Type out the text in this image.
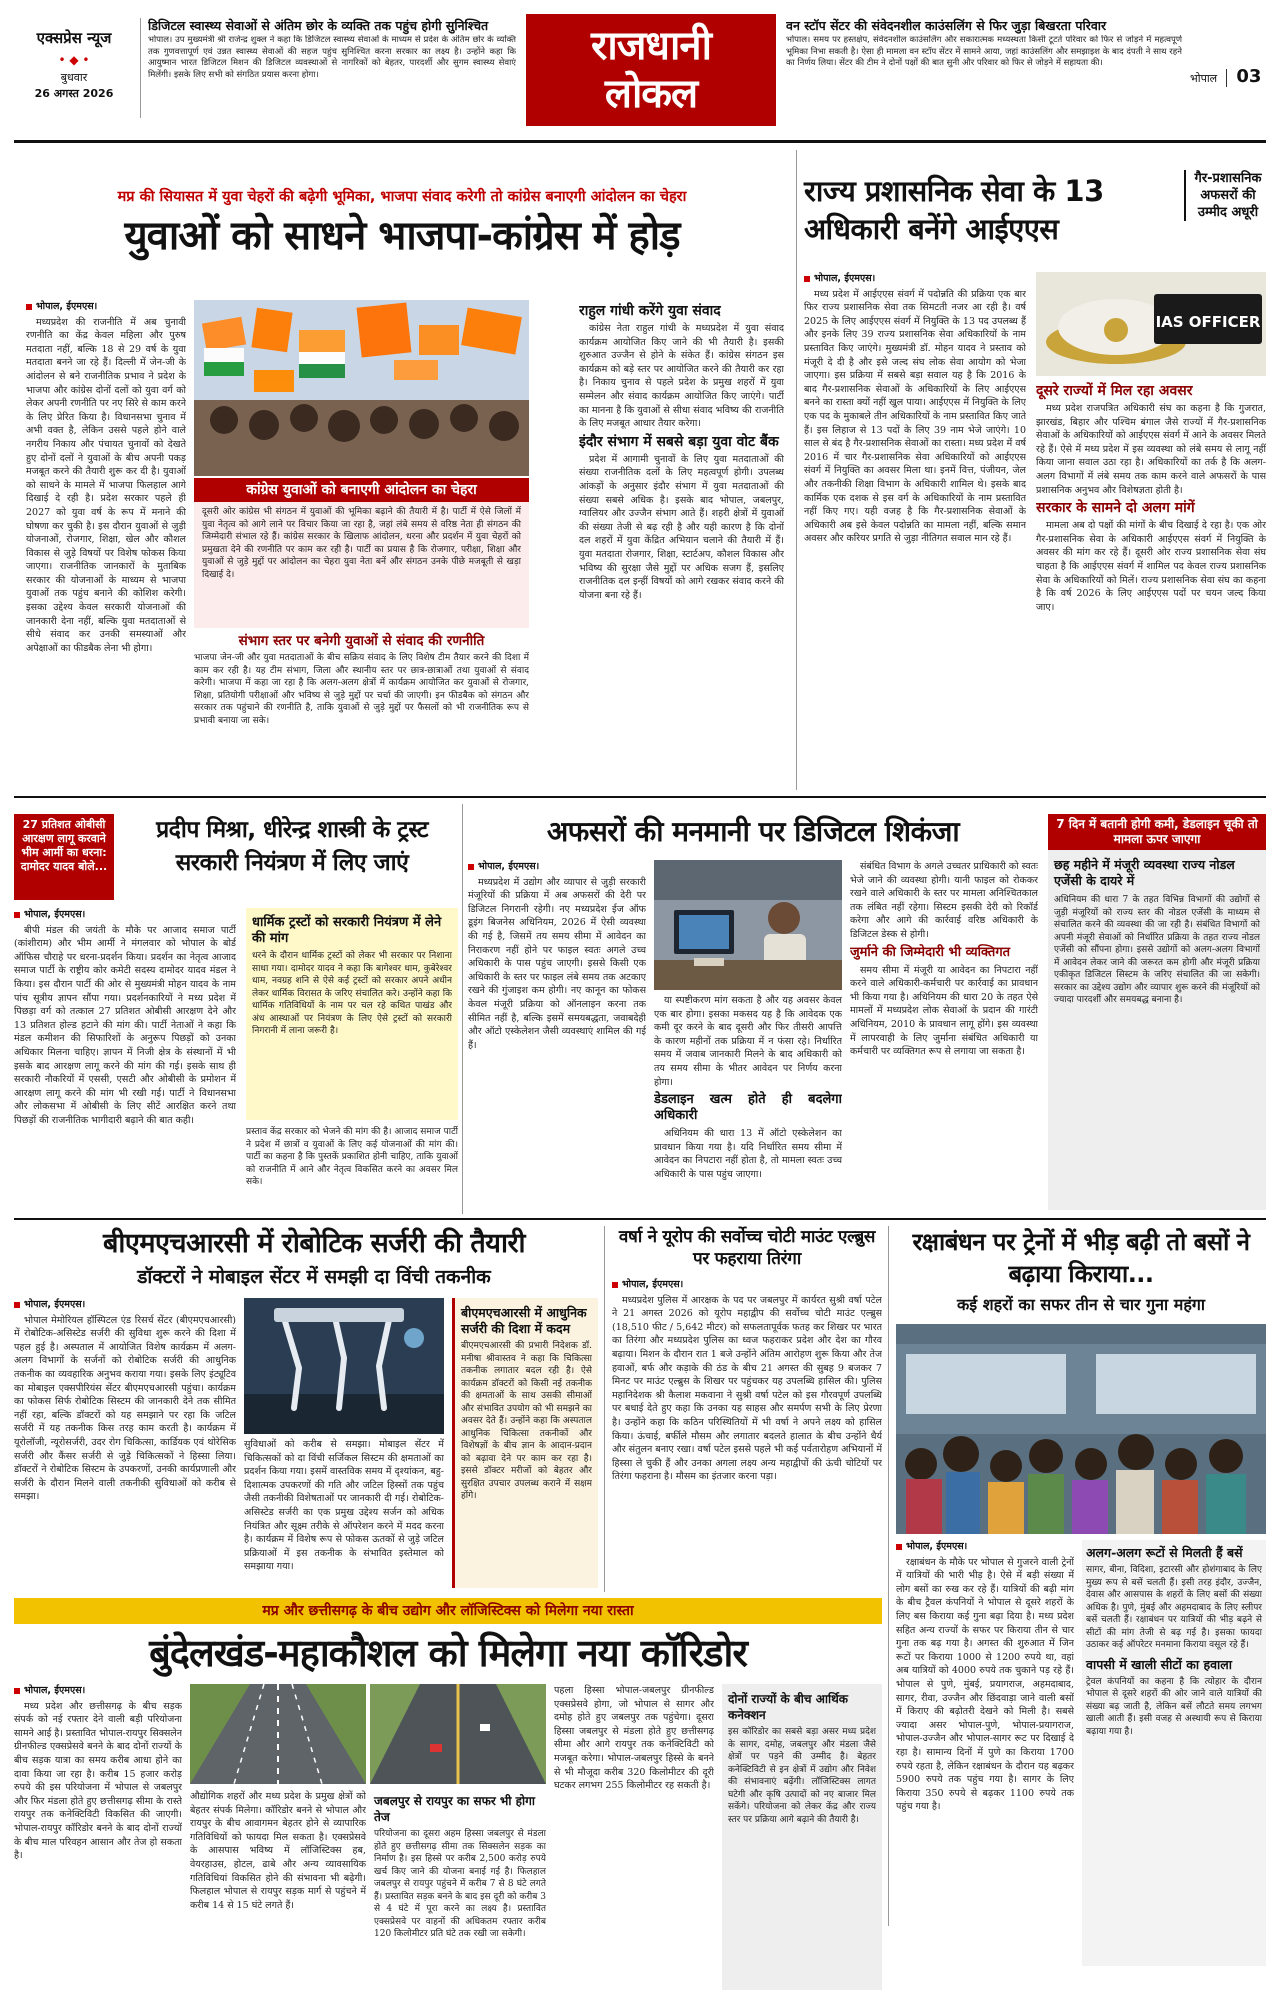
एक्सप्रेस न्यूज
• ◆ •
बुधवार
26 अगस्त 2026
डिजिटल स्वास्थ्य सेवाओं से अंतिम छोर के व्यक्ति तक पहुंच होगी सुनिश्चित
भोपाल। उप मुख्यमंत्री श्री राजेन्द्र शुक्ल ने कहा कि डिजिटल स्वास्थ्य सेवाओं के माध्यम से प्रदेश के अंतिम छोर के व्यक्ति तक गुणवत्तापूर्ण एवं उन्नत स्वास्थ्य सेवाओं की सहज पहुंच सुनिश्चित करना सरकार का लक्ष्य है। उन्होंने कहा कि आयुष्मान भारत डिजिटल मिशन की डिजिटल व्यवस्थाओं से नागरिकों को बेहतर, पारदर्शी और सुगम स्वास्थ्य सेवाएं मिलेंगी। इसके लिए सभी को संगठित प्रयास करना होगा।
राजधानी
लोकल
वन स्टॉप सेंटर की संवेदनशील काउंसलिंग से फिर जुड़ा बिखरता परिवार
भोपाल। समय पर हस्तक्षेप, संवेदनशील काउंसलिंग और सकारात्मक मध्यस्थता किसी टूटते परिवार को फिर से जोड़ने में महत्वपूर्ण भूमिका निभा सकती है। ऐसा ही मामला वन स्टॉप सेंटर में सामने आया, जहां काउंसलिंग और समझाइश के बाद दंपती ने साथ रहने का निर्णय लिया। सेंटर की टीम ने दोनों पक्षों की बात सुनी और परिवार को फिर से जोड़ने में सहायता की।
भोपाल 03
मप्र की सियासत में युवा चेहरों की बढ़ेगी भूमिका, भाजपा संवाद करेगी तो कांग्रेस बनाएगी आंदोलन का चेहरा
युवाओं को साधने भाजपा-कांग्रेस में होड़
भोपाल, ईएमएस।

मध्यप्रदेश की राजनीति में अब चुनावी रणनीति का केंद्र केवल महिला और पुरुष मतदाता नहीं, बल्कि 18 से 29 वर्ष के युवा मतदाता बनने जा रहे हैं। दिल्ली में जेन-जी के आंदोलन से बने राजनीतिक प्रभाव ने प्रदेश के भाजपा और कांग्रेस दोनों दलों को युवा वर्ग को लेकर अपनी रणनीति पर नए सिरे से काम करने के लिए प्रेरित किया है। विधानसभा चुनाव में अभी वक्त है, लेकिन उससे पहले होने वाले नगरीय निकाय और पंचायत चुनावों को देखते हुए दोनों दलों ने युवाओं के बीच अपनी पकड़ मजबूत करने की तैयारी शुरू कर दी है। युवाओं को साधने के मामले में भाजपा फिलहाल आगे दिखाई दे रही है। प्रदेश सरकार पहले ही 2027 को युवा वर्ष के रूप में मनाने की घोषणा कर चुकी है। इस दौरान युवाओं से जुड़ी योजनाओं, रोजगार, शिक्षा, खेल और कौशल विकास से जुड़े विषयों पर विशेष फोकस किया जाएगा। राजनीतिक जानकारों के मुताबिक सरकार की योजनाओं के माध्यम से भाजपा युवाओं तक पहुंच बनाने की कोशिश करेगी। इसका उद्देश्य केवल सरकारी योजनाओं की जानकारी देना नहीं, बल्कि युवा मतदाताओं से सीधे संवाद कर उनकी समस्याओं और अपेक्षाओं का फीडबैक लेना भी होगा।

कांग्रेस युवाओं को बनाएगी आंदोलन का चेहरा
दूसरी ओर कांग्रेस भी संगठन में युवाओं की भूमिका बढ़ाने की तैयारी में है। पार्टी में ऐसे जिलों में युवा नेतृत्व को आगे लाने पर विचार किया जा रहा है, जहां लंबे समय से वरिष्ठ नेता ही संगठन की जिम्मेदारी संभाल रहे हैं। कांग्रेस सरकार के खिलाफ आंदोलन, धरना और प्रदर्शन में युवा चेहरों को प्रमुखता देने की रणनीति पर काम कर रही है। पार्टी का प्रयास है कि रोजगार, परीक्षा, शिक्षा और युवाओं से जुड़े मुद्दों पर आंदोलन का चेहरा युवा नेता बनें और संगठन उनके पीछे मजबूती से खड़ा दिखाई दे।
संभाग स्तर पर बनेगी युवाओं से संवाद की रणनीति
भाजपा जेन-जी और युवा मतदाताओं के बीच सक्रिय संवाद के लिए विशेष टीम तैयार करने की दिशा में काम कर रही है। यह टीम संभाग, जिला और स्थानीय स्तर पर छात्र-छात्राओं तथा युवाओं से संवाद करेगी। भाजपा में कहा जा रहा है कि अलग-अलग क्षेत्रों में कार्यक्रम आयोजित कर युवाओं से रोजगार, शिक्षा, प्रतियोगी परीक्षाओं और भविष्य से जुड़े मुद्दों पर चर्चा की जाएगी। इन फीडबैक को संगठन और सरकार तक पहुंचाने की रणनीति है, ताकि युवाओं से जुड़े मुद्दों पर फैसलों को भी राजनीतिक रूप से प्रभावी बनाया जा सके।
राहुल गांधी करेंगे युवा संवाद

कांग्रेस नेता राहुल गांधी के मध्यप्रदेश में युवा संवाद कार्यक्रम आयोजित किए जाने की भी तैयारी है। इसकी शुरुआत उज्जैन से होने के संकेत हैं। कांग्रेस संगठन इस कार्यक्रम को बड़े स्तर पर आयोजित करने की तैयारी कर रहा है। निकाय चुनाव से पहले प्रदेश के प्रमुख शहरों में युवा सम्मेलन और संवाद कार्यक्रम आयोजित किए जाएंगे। पार्टी का मानना है कि युवाओं से सीधा संवाद भविष्य की राजनीति के लिए मजबूत आधार तैयार करेगा।

इंदौर संभाग में सबसे बड़ा युवा वोट बैंक

प्रदेश में आगामी चुनावों के लिए युवा मतदाताओं की संख्या राजनीतिक दलों के लिए महत्वपूर्ण होगी। उपलब्ध आंकड़ों के अनुसार इंदौर संभाग में युवा मतदाताओं की संख्या सबसे अधिक है। इसके बाद भोपाल, जबलपुर, ग्वालियर और उज्जैन संभाग आते हैं। शहरी क्षेत्रों में युवाओं की संख्या तेजी से बढ़ रही है और यही कारण है कि दोनों दल शहरों में युवा केंद्रित अभियान चलाने की तैयारी में हैं। युवा मतदाता रोजगार, शिक्षा, स्टार्टअप, कौशल विकास और भविष्य की सुरक्षा जैसे मुद्दों पर अधिक सजग हैं, इसलिए राजनीतिक दल इन्हीं विषयों को आगे रखकर संवाद करने की योजना बना रहे हैं।

राज्य प्रशासनिक सेवा के 13 अधिकारी बनेंगे आईएएस
गैर-प्रशासनिक अफसरों की उम्मीद अधूरी
भोपाल, ईएमएस।

मध्य प्रदेश में आईएएस संवर्ग में पदोन्नति की प्रक्रिया एक बार फिर राज्य प्रशासनिक सेवा तक सिमटती नजर आ रही है। वर्ष 2025 के लिए आईएएस संवर्ग में नियुक्ति के 13 पद उपलब्ध हैं और इनके लिए 39 राज्य प्रशासनिक सेवा अधिकारियों के नाम प्रस्तावित किए जाएंगे। मुख्यमंत्री डॉ. मोहन यादव ने प्रस्ताव को मंजूरी दे दी है और इसे जल्द संघ लोक सेवा आयोग को भेजा जाएगा। इस प्रक्रिया में सबसे बड़ा सवाल यह है कि 2016 के बाद गैर-प्रशासनिक सेवाओं के अधिकारियों के लिए आईएएस बनने का रास्ता क्यों नहीं खुल पाया। आईएएस में नियुक्ति के लिए एक पद के मुकाबले तीन अधिकारियों के नाम प्रस्तावित किए जाते हैं। इस लिहाज से 13 पदों के लिए 39 नाम भेजे जाएंगे। 10 साल से बंद है गैर-प्रशासनिक सेवाओं का रास्ता। मध्य प्रदेश में वर्ष 2016 में चार गैर-प्रशासनिक सेवा अधिकारियों को आईएएस संवर्ग में नियुक्ति का अवसर मिला था। इनमें वित्त, पंजीयन, जेल और तकनीकी शिक्षा विभाग के अधिकारी शामिल थे। इसके बाद कार्मिक एक दशक से इस वर्ग के अधिकारियों के नाम प्रस्तावित नहीं किए गए। यही वजह है कि गैर-प्रशासनिक सेवाओं के अधिकारी अब इसे केवल पदोन्नति का मामला नहीं, बल्कि समान अवसर और करियर प्रगति से जुड़ा नीतिगत सवाल मान रहे हैं।

IAS OFFICER
दूसरे राज्यों में मिल रहा अवसर

मध्य प्रदेश राजपत्रित अधिकारी संघ का कहना है कि गुजरात, झारखंड, बिहार और पश्चिम बंगाल जैसे राज्यों में गैर-प्रशासनिक सेवाओं के अधिकारियों को आईएएस संवर्ग में आने के अवसर मिलते रहे हैं। ऐसे में मध्य प्रदेश में इस व्यवस्था को लंबे समय से लागू नहीं किया जाना सवाल उठा रहा है। अधिकारियों का तर्क है कि अलग-अलग विभागों में लंबे समय तक काम करने वाले अफसरों के पास प्रशासनिक अनुभव और विशेषज्ञता होती है।

सरकार के सामने दो अलग मांगें

मामला अब दो पक्षों की मांगों के बीच दिखाई दे रहा है। एक ओर गैर-प्रशासनिक सेवा के अधिकारी आईएएस संवर्ग में नियुक्ति के अवसर की मांग कर रहे हैं। दूसरी ओर राज्य प्रशासनिक सेवा संघ चाहता है कि आईएएस संवर्ग में शामिल पद केवल राज्य प्रशासनिक सेवा के अधिकारियों को मिलें। राज्य प्रशासनिक सेवा संघ का कहना है कि वर्ष 2026 के लिए आईएएस पदों पर चयन जल्द किया जाए।

27 प्रतिशत ओबीसी आरक्षण लागू करवाने भीम आर्मी का धरना: दामोदर यादव बोले...
प्रदीप मिश्रा, धीरेन्द्र शास्त्री के ट्रस्ट सरकारी नियंत्रण में लिए जाएं
भोपाल, ईएमएस।

बीपी मंडल की जयंती के मौके पर आजाद समाज पार्टी (कांशीराम) और भीम आर्मी ने मंगलवार को भोपाल के बोर्ड ऑफिस चौराहे पर धरना-प्रदर्शन किया। प्रदर्शन का नेतृत्व आजाद समाज पार्टी के राष्ट्रीय कोर कमेटी सदस्य दामोदर यादव मंडल ने किया। इस दौरान पार्टी की ओर से मुख्यमंत्री मोहन यादव के नाम पांच सूत्रीय ज्ञापन सौंपा गया। प्रदर्शनकारियों ने मध्य प्रदेश में पिछड़ा वर्ग को तत्काल 27 प्रतिशत ओबीसी आरक्षण देने और 13 प्रतिशत होल्ड हटाने की मांग की। पार्टी नेताओं ने कहा कि मंडल कमीशन की सिफारिशों के अनुरूप पिछड़ों को उनका अधिकार मिलना चाहिए। ज्ञापन में निजी क्षेत्र के संस्थानों में भी इसके बाद आरक्षण लागू करने की मांग की गई। इसके साथ ही सरकारी नौकरियों में एससी, एसटी और ओबीसी के प्रमोशन में आरक्षण लागू करने की मांग भी रखी गई। पार्टी ने विधानसभा और लोकसभा में ओबीसी के लिए सीटें आरक्षित करने तथा पिछड़ों की राजनीतिक भागीदारी बढ़ाने की बात कही।

धार्मिक ट्रस्टों को सरकारी नियंत्रण में लेने की मांग
धरने के दौरान धार्मिक ट्रस्टों को लेकर भी सरकार पर निशाना साधा गया। दामोदर यादव ने कहा कि बागेश्वर धाम, कुबेरेश्वर धाम, नवग्रह शनि से ऐसे कई ट्रस्टों को सरकार अपने अधीन लेकर धार्मिक विरासत के जरिए संचालित करे। उन्होंने कहा कि धार्मिक गतिविधियों के नाम पर चल रहे कथित पाखंड और अंध आस्थाओं पर नियंत्रण के लिए ऐसे ट्रस्टों को सरकारी निगरानी में लाना जरूरी है।
प्रस्ताव केंद्र सरकार को भेजने की मांग की है। आजाद समाज पार्टी ने प्रदेश में छात्रों व युवाओं के लिए कई योजनाओं की मांग की। पार्टी का कहना है कि पुस्तकें प्रकाशित होनी चाहिए, ताकि युवाओं को राजनीति में आने और नेतृत्व विकसित करने का अवसर मिल सके।
अफसरों की मनमानी पर डिजिटल शिकंजा
भोपाल, ईएमएस।

मध्यप्रदेश में उद्योग और व्यापार से जुड़ी सरकारी मंजूरियों की प्रक्रिया में अब अफसरों की देरी पर डिजिटल निगरानी रहेगी। नए मध्यप्रदेश ईज ऑफ डूइंग बिजनेस अधिनियम, 2026 में ऐसी व्यवस्था की गई है, जिसमें तय समय सीमा में आवेदन का निराकरण नहीं होने पर फाइल स्वतः अगले उच्च अधिकारी के पास पहुंच जाएगी। इससे किसी एक अधिकारी के स्तर पर फाइल लंबे समय तक अटकाए रखने की गुंजाइश कम होगी। नए कानून का फोकस केवल मंजूरी प्रक्रिया को ऑनलाइन करना तक सीमित नहीं है, बल्कि इसमें समयबद्धता, जवाबदेही और ऑटो एस्केलेशन जैसी व्यवस्थाएं शामिल की गई हैं।

या स्पष्टीकरण मांग सकता है और यह अवसर केवल एक बार होगा। इसका मकसद यह है कि आवेदक एक कमी दूर करने के बाद दूसरी और फिर तीसरी आपत्ति के कारण महीनों तक प्रक्रिया में न फंसा रहे। निर्धारित समय में जवाब जानकारी मिलने के बाद अधिकारी को तय समय सीमा के भीतर आवेदन पर निर्णय करना होगा।

डेडलाइन खत्म होते ही बदलेगा अधिकारी

अधिनियम की धारा 13 में ऑटो एस्केलेशन का प्रावधान किया गया है। यदि निर्धारित समय सीमा में आवेदन का निपटारा नहीं होता है, तो मामला स्वतः उच्च अधिकारी के पास पहुंच जाएगा।

संबंधित विभाग के अगले उच्चतर प्राधिकारी को स्वतः भेजे जाने की व्यवस्था होगी। यानी फाइल को रोककर रखने वाले अधिकारी के स्तर पर मामला अनिश्चितकाल तक लंबित नहीं रहेगा। सिस्टम इसकी देरी को रिकॉर्ड करेगा और आगे की कार्रवाई वरिष्ठ अधिकारी के डिजिटल डेस्क से होगी।

जुर्माने की जिम्मेदारी भी व्यक्तिगत

समय सीमा में मंजूरी या आवेदन का निपटारा नहीं करने वाले अधिकारी-कर्मचारी पर कार्रवाई का प्रावधान भी किया गया है। अधिनियम की धारा 20 के तहत ऐसे मामलों में मध्यप्रदेश लोक सेवाओं के प्रदान की गारंटी अधिनियम, 2010 के प्रावधान लागू होंगे। इस व्यवस्था में लापरवाही के लिए जुर्माना संबंधित अधिकारी या कर्मचारी पर व्यक्तिगत रूप से लगाया जा सकता है।

7 दिन में बतानी होगी कमी, डेडलाइन चूकी तो मामला ऊपर जाएगा
छह महीने में मंजूरी व्यवस्था राज्य नोडल एजेंसी के दायरे में
अधिनियम की धारा 7 के तहत विभिन्न विभागों की उद्योगों से जुड़ी मंजूरियों को राज्य स्तर की नोडल एजेंसी के माध्यम से संचालित करने की व्यवस्था की जा रही है। संबंधित विभागों को अपनी मंजूरी सेवाओं को निर्धारित प्रक्रिया के तहत राज्य नोडल एजेंसी को सौंपना होगा। इससे उद्योगों को अलग-अलग विभागों में आवेदन लेकर जाने की जरूरत कम होगी और मंजूरी प्रक्रिया एकीकृत डिजिटल सिस्टम के जरिए संचालित की जा सकेगी। सरकार का उद्देश्य उद्योग और व्यापार शुरू करने की मंजूरियों को ज्यादा पारदर्शी और समयबद्ध बनाना है।
बीएमएचआरसी में रोबोटिक सर्जरी की तैयारी
डॉक्टरों ने मोबाइल सेंटर में समझी दा विंची तकनीक
भोपाल, ईएमएस।

भोपाल मेमोरियल हॉस्पिटल एंड रिसर्च सेंटर (बीएमएचआरसी) में रोबोटिक-असिस्टेड सर्जरी की सुविधा शुरू करने की दिशा में पहल हुई है। अस्पताल में आयोजित विशेष कार्यक्रम में अलग-अलग विभागों के सर्जनों को रोबोटिक सर्जरी की आधुनिक तकनीक का व्यवहारिक अनुभव कराया गया। इसके लिए इंट्यूटिव का मोबाइल एक्सपीरियंस सेंटर बीएमएचआरसी पहुंचा। कार्यक्रम का फोकस सिर्फ रोबोटिक सिस्टम की जानकारी देने तक सीमित नहीं रहा, बल्कि डॉक्टरों को यह समझाने पर रहा कि जटिल सर्जरी में यह तकनीक किस तरह काम करती है। कार्यक्रम में यूरोलॉजी, न्यूरोसर्जरी, उदर रोग चिकित्सा, कार्डियक एवं थोरेसिक सर्जरी और कैंसर सर्जरी से जुड़े चिकित्सकों ने हिस्सा लिया। डॉक्टरों ने रोबोटिक सिस्टम के उपकरणों, उनकी कार्यप्रणाली और सर्जरी के दौरान मिलने वाली तकनीकी सुविधाओं को करीब से समझा।

सुविधाओं को करीब से समझा। मोबाइल सेंटर में चिकित्सकों को दा विंची सर्जिकल सिस्टम की क्षमताओं का प्रदर्शन किया गया। इसमें वास्तविक समय में दृश्यांकन, बहु-दिशात्मक उपकरणों की गति और जटिल हिस्सों तक पहुंच जैसी तकनीकी विशेषताओं पर जानकारी दी गई। रोबोटिक-असिस्टेड सर्जरी का एक प्रमुख उद्देश्य सर्जन को अधिक नियंत्रित और सूक्ष्म तरीके से ऑपरेशन करने में मदद करना है। कार्यक्रम में विशेष रूप से फोकस ऊतकों से जुड़े जटिल प्रक्रियाओं में इस तकनीक के संभावित इस्तेमाल को समझाया गया।
बीएमएचआरसी में आधुनिक सर्जरी की दिशा में कदम
बीएमएचआरसी की प्रभारी निदेशक डॉ. मनीषा श्रीवास्तव ने कहा कि चिकित्सा तकनीक लगातार बदल रही है। ऐसे कार्यक्रम डॉक्टरों को किसी नई तकनीक की क्षमताओं के साथ उसकी सीमाओं और संभावित उपयोग को भी समझने का अवसर देते हैं। उन्होंने कहा कि अस्पताल आधुनिक चिकित्सा तकनीकों और विशेषज्ञों के बीच ज्ञान के आदान-प्रदान को बढ़ावा देने पर काम कर रहा है। इससे डॉक्टर मरीजों को बेहतर और सुरक्षित उपचार उपलब्ध कराने में सक्षम होंगे।
वर्षा ने यूरोप की सर्वोच्च चोटी माउंट एल्ब्रुस पर फहराया तिरंगा
भोपाल, ईएमएस।

मध्यप्रदेश पुलिस में आरक्षक के पद पर जबलपुर में कार्यरत सुश्री वर्षा पटेल ने 21 अगस्त 2026 को यूरोप महाद्वीप की सर्वोच्च चोटी माउंट एल्ब्रुस (18,510 फीट / 5,642 मीटर) को सफलतापूर्वक फतह कर शिखर पर भारत का तिरंगा और मध्यप्रदेश पुलिस का ध्वज फहराकर प्रदेश और देश का गौरव बढ़ाया। मिशन के दौरान रात 1 बजे उन्होंने अंतिम आरोहण शुरू किया और तेज हवाओं, बर्फ और कड़ाके की ठंड के बीच 21 अगस्त की सुबह 9 बजकर 7 मिनट पर माउंट एल्ब्रुस के शिखर पर पहुंचकर यह उपलब्धि हासिल की। पुलिस महानिदेशक श्री कैलाश मकवाना ने सुश्री वर्षा पटेल को इस गौरवपूर्ण उपलब्धि पर बधाई देते हुए कहा कि उनका यह साहस और समर्पण सभी के लिए प्रेरणा है। उन्होंने कहा कि कठिन परिस्थितियों में भी वर्षा ने अपने लक्ष्य को हासिल किया। ऊंचाई, बर्फीले मौसम और लगातार बदलते हालात के बीच उन्होंने धैर्य और संतुलन बनाए रखा। वर्षा पटेल इससे पहले भी कई पर्वतारोहण अभियानों में हिस्सा ले चुकी हैं और उनका अगला लक्ष्य अन्य महाद्वीपों की ऊंची चोटियों पर तिरंगा फहराना है। मौसम का इंतजार करना पड़ा।

रक्षाबंधन पर ट्रेनों में भीड़ बढ़ी तो बसों ने बढ़ाया किराया...
कई शहरों का सफर तीन से चार गुना महंगा
भोपाल, ईएमएस।

रक्षाबंधन के मौके पर भोपाल से गुजरने वाली ट्रेनों में यात्रियों की भारी भीड़ है। ऐसे में बड़ी संख्या में लोग बसों का रुख कर रहे हैं। यात्रियों की बढ़ी मांग के बीच ट्रैवल कंपनियों ने भोपाल से दूसरे शहरों के लिए बस किराया कई गुना बढ़ा दिया है। मध्य प्रदेश सहित अन्य राज्यों के सफर पर किराया तीन से चार गुना तक बढ़ गया है। अगस्त की शुरुआत में जिन रूटों पर किराया 1000 से 1200 रुपये था, वहां अब यात्रियों को 4000 रुपये तक चुकाने पड़ रहे हैं। भोपाल से पुणे, मुंबई, प्रयागराज, अहमदाबाद, सागर, रीवा, उज्जैन और छिंदवाड़ा जाने वाली बसों में किराए की बढ़ोतरी देखने को मिली है। सबसे ज्यादा असर भोपाल-पुणे, भोपाल-प्रयागराज, भोपाल-उज्जैन और भोपाल-सागर रूट पर दिखाई दे रहा है। सामान्य दिनों में पुणे का किराया 1700 रुपये रहता है, लेकिन रक्षाबंधन के दौरान यह बढ़कर 5900 रुपये तक पहुंच गया है। सागर के लिए किराया 350 रुपये से बढ़कर 1100 रुपये तक पहुंच गया है।

अलग-अलग रूटों से मिलती हैं बसें
सागर, बीना, विदिशा, इटारसी और होशंगाबाद के लिए मुख्य रूप से बसें चलती हैं। इसी तरह इंदौर, उज्जैन, देवास और आसपास के शहरों के लिए बसों की संख्या अधिक है। पुणे, मुंबई और अहमदाबाद के लिए स्लीपर बसें चलती हैं। रक्षाबंधन पर यात्रियों की भीड़ बढ़ने से सीटों की मांग तेजी से बढ़ गई है। इसका फायदा उठाकर कई ऑपरेटर मनमाना किराया वसूल रहे हैं।
वापसी में खाली सीटों का हवाला
ट्रेवल कंपनियों का कहना है कि त्योहार के दौरान भोपाल से दूसरे शहरों की ओर जाने वाले यात्रियों की संख्या बढ़ जाती है, लेकिन बसें लौटते समय लगभग खाली आती हैं। इसी वजह से अस्थायी रूप से किराया बढ़ाया गया है।
मप्र और छत्तीसगढ़ के बीच उद्योग और लॉजिस्टिक्स को मिलेगा नया रास्ता
बुंदेलखंड-महाकौशल को मिलेगा नया कॉरिडोर
भोपाल, ईएमएस।

मध्य प्रदेश और छत्तीसगढ़ के बीच सड़क संपर्क को नई रफ्तार देने वाली बड़ी परियोजना सामने आई है। प्रस्तावित भोपाल-रायपुर सिक्सलेन ग्रीनफील्ड एक्सप्रेसवे बनने के बाद दोनों राज्यों के बीच सड़क यात्रा का समय करीब आधा होने का दावा किया जा रहा है। करीब 15 हजार करोड़ रुपये की इस परियोजना में भोपाल से जबलपुर और फिर मंडला होते हुए छत्तीसगढ़ सीमा के रास्ते रायपुर तक कनेक्टिविटी विकसित की जाएगी। भोपाल-रायपुर कॉरिडोर बनने के बाद दोनों राज्यों के बीच माल परिवहन आसान और तेज हो सकता है।

औद्योगिक शहरों और मध्य प्रदेश के प्रमुख क्षेत्रों को बेहतर संपर्क मिलेगा। कॉरिडोर बनने से भोपाल और रायपुर के बीच आवागमन बेहतर होने से व्यापारिक गतिविधियों को फायदा मिल सकता है। एक्सप्रेसवे के आसपास भविष्य में लॉजिस्टिक्स हब, वेयरहाउस, होटल, ढाबे और अन्य व्यावसायिक गतिविधियां विकसित होने की संभावना भी बढ़ेगी। फिलहाल भोपाल से रायपुर सड़क मार्ग से पहुंचने में करीब 14 से 15 घंटे लगते हैं।
जबलपुर से रायपुर का सफर भी होगा तेज
परियोजना का दूसरा अहम हिस्सा जबलपुर से मंडला होते हुए छत्तीसगढ़ सीमा तक सिक्सलेन सड़क का निर्माण है। इस हिस्से पर करीब 2,500 करोड़ रुपये खर्च किए जाने की योजना बनाई गई है। फिलहाल जबलपुर से रायपुर पहुंचने में करीब 7 से 8 घंटे लगते हैं। प्रस्तावित सड़क बनने के बाद इस दूरी को करीब 3 से 4 घंटे में पूरा करने का लक्ष्य है। प्रस्तावित एक्सप्रेसवे पर वाहनों की अधिकतम रफ्तार करीब 120 किलोमीटर प्रति घंटे तक रखी जा सकेगी।
पहला हिस्सा भोपाल-जबलपुर ग्रीनफील्ड एक्सप्रेसवे होगा, जो भोपाल से सागर और दमोह होते हुए जबलपुर तक पहुंचेगा। दूसरा हिस्सा जबलपुर से मंडला होते हुए छत्तीसगढ़ सीमा और आगे रायपुर तक कनेक्टिविटी को मजबूत करेगा। भोपाल-जबलपुर हिस्से के बनने से भी मौजूदा करीब 320 किलोमीटर की दूरी घटकर लगभग 255 किलोमीटर रह सकती है।
दोनों राज्यों के बीच आर्थिक कनेक्शन
इस कॉरिडोर का सबसे बड़ा असर मध्य प्रदेश के सागर, दमोह, जबलपुर और मंडला जैसे क्षेत्रों पर पड़ने की उम्मीद है। बेहतर कनेक्टिविटी से इन क्षेत्रों में उद्योग और निवेश की संभावनाएं बढ़ेंगी। लॉजिस्टिक्स लागत घटेगी और कृषि उत्पादों को नए बाजार मिल सकेंगे। परियोजना को लेकर केंद्र और राज्य स्तर पर प्रक्रिया आगे बढ़ाने की तैयारी है।
